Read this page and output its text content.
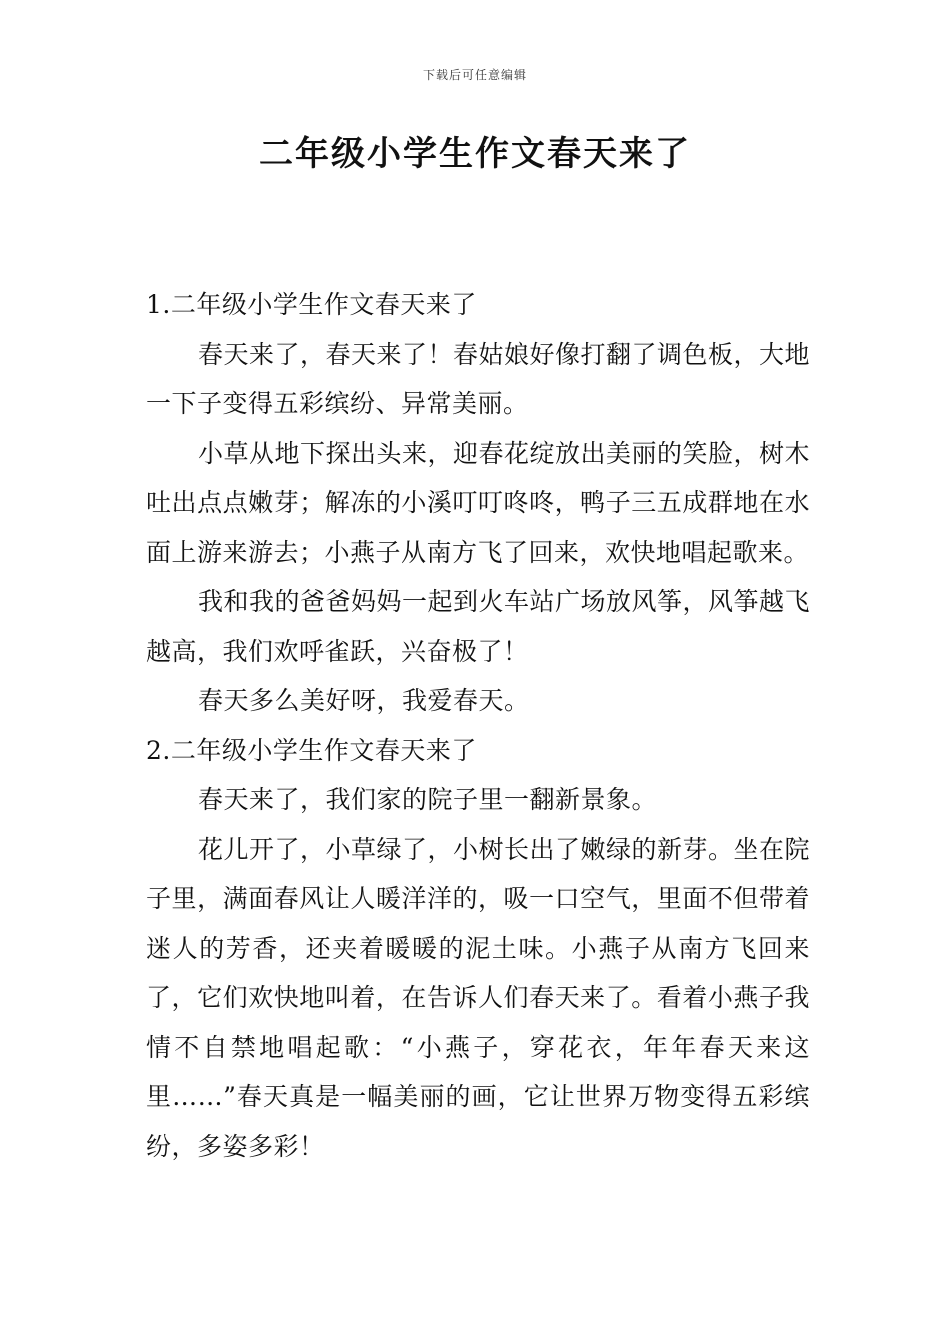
下载后可任意编辑
二年级小学生作文春天来了

1.二年级小学生作文春天来了

春天来了，春天来了！春姑娘好像打翻了调色板，大地一下子变得五彩缤纷、异常美丽。

小草从地下探出头来，迎春花绽放出美丽的笑脸，树木吐出点点嫩芽；解冻的小溪叮叮咚咚，鸭子三五成群地在水面上游来游去；小燕子从南方飞了回来，欢快地唱起歌来。

我和我的爸爸妈妈一起到火车站广场放风筝，风筝越飞越高，我们欢呼雀跃，兴奋极了！

春天多么美好呀，我爱春天。

2.二年级小学生作文春天来了

春天来了，我们家的院子里一翻新景象。

花儿开了，小草绿了，小树长出了嫩绿的新芽。坐在院子里，满面春风让人暖洋洋的，吸一口空气，里面不但带着迷人的芳香，还夹着暖暖的泥土味。小燕子从南方飞回来了，它们欢快地叫着，在告诉人们春天来了。看着小燕子我情不自禁地唱起歌：“小燕子，穿花衣，年年春天来这里……”春天真是一幅美丽的画，它让世界万物变得五彩缤纷，多姿多彩！
